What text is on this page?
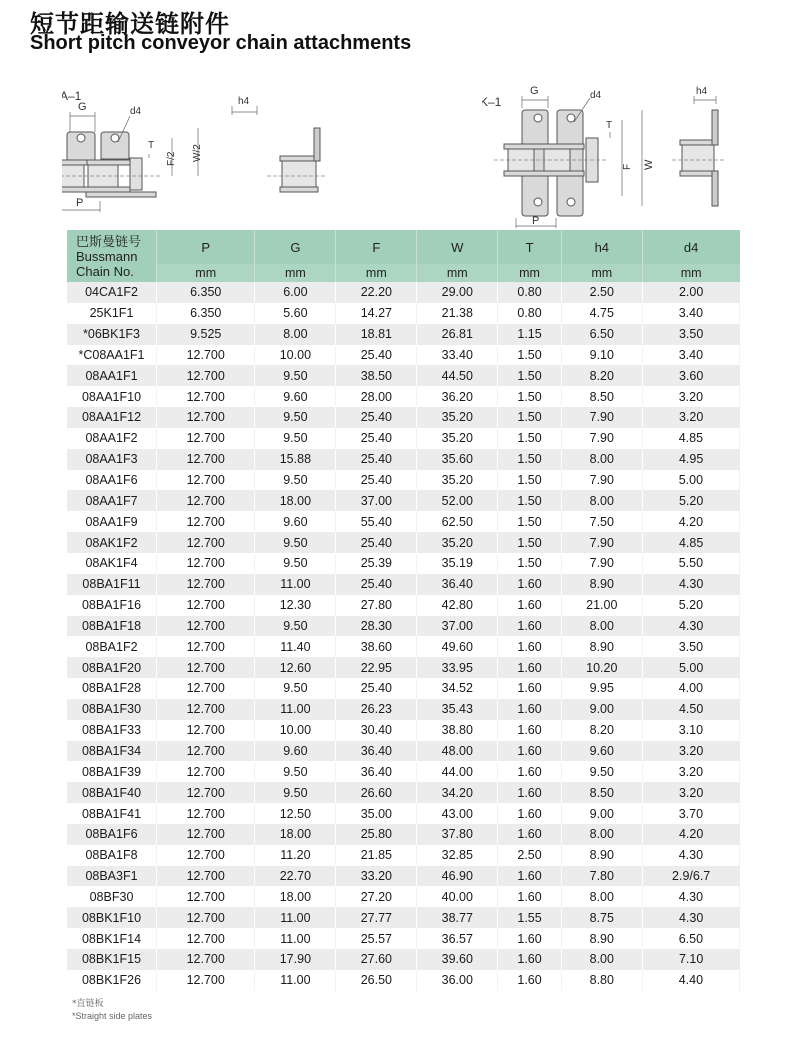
短节距输送链附件
Short pitch conveyor chain attachments
A–1
G	d4
T
F/2 W/2
P
h4	K–1
G	d4
T
F W
P
h4
巴斯曼链号
Bussmann
Chain No.	P	G	F	W	T	h4	d4
	mm	mm	mm	mm	mm	mm	mm
04CA1F2	6.350	6.00	22.20	29.00	0.80	2.50	2.00
25K1F1	6.350	5.60	14.27	21.38	0.80	4.75	3.40
*06BK1F3	9.525	8.00	18.81	26.81	1.15	6.50	3.50
*C08AA1F1	12.700	10.00	25.40	33.40	1.50	9.10	3.40
08AA1F1	12.700	9.50	38.50	44.50	1.50	8.20	3.60
08AA1F10	12.700	9.60	28.00	36.20	1.50	8.50	3.20
08AA1F12	12.700	9.50	25.40	35.20	1.50	7.90	3.20
08AA1F2	12.700	9.50	25.40	35.20	1.50	7.90	4.85
08AA1F3	12.700	15.88	25.40	35.60	1.50	8.00	4.95
08AA1F6	12.700	9.50	25.40	35.20	1.50	7.90	5.00
08AA1F7	12.700	18.00	37.00	52.00	1.50	8.00	5.20
08AA1F9	12.700	9.60	55.40	62.50	1.50	7.50	4.20
08AK1F2	12.700	9.50	25.40	35.20	1.50	7.90	4.85
08AK1F4	12.700	9.50	25.39	35.19	1.50	7.90	5.50
08BA1F11	12.700	11.00	25.40	36.40	1.60	8.90	4.30
08BA1F16	12.700	12.30	27.80	42.80	1.60	21.00	5.20
08BA1F18	12.700	9.50	28.30	37.00	1.60	8.00	4.30
08BA1F2	12.700	11.40	38.60	49.60	1.60	8.90	3.50
08BA1F20	12.700	12.60	22.95	33.95	1.60	10.20	5.00
08BA1F28	12.700	9.50	25.40	34.52	1.60	9.95	4.00
08BA1F30	12.700	11.00	26.23	35.43	1.60	9.00	4.50
08BA1F33	12.700	10.00	30.40	38.80	1.60	8.20	3.10
08BA1F34	12.700	9.60	36.40	48.00	1.60	9.60	3.20
08BA1F39	12.700	9.50	36.40	44.00	1.60	9.50	3.20
08BA1F40	12.700	9.50	26.60	34.20	1.60	8.50	3.20
08BA1F41	12.700	12.50	35.00	43.00	1.60	9.00	3.70
08BA1F6	12.700	18.00	25.80	37.80	1.60	8.00	4.20
08BA1F8	12.700	11.20	21.85	32.85	2.50	8.90	4.30
08BA3F1	12.700	22.70	33.20	46.90	1.60	7.80	2.9/6.7
08BF30	12.700	18.00	27.20	40.00	1.60	8.00	4.30
08BK1F10	12.700	11.00	27.77	38.77	1.55	8.75	4.30
08BK1F14	12.700	11.00	25.57	36.57	1.60	8.90	6.50
08BK1F15	12.700	17.90	27.60	39.60	1.60	8.00	7.10
08BK1F26	12.700	11.00	26.50	36.00	1.60	8.80	4.40
*直链板
*Straight side plates
